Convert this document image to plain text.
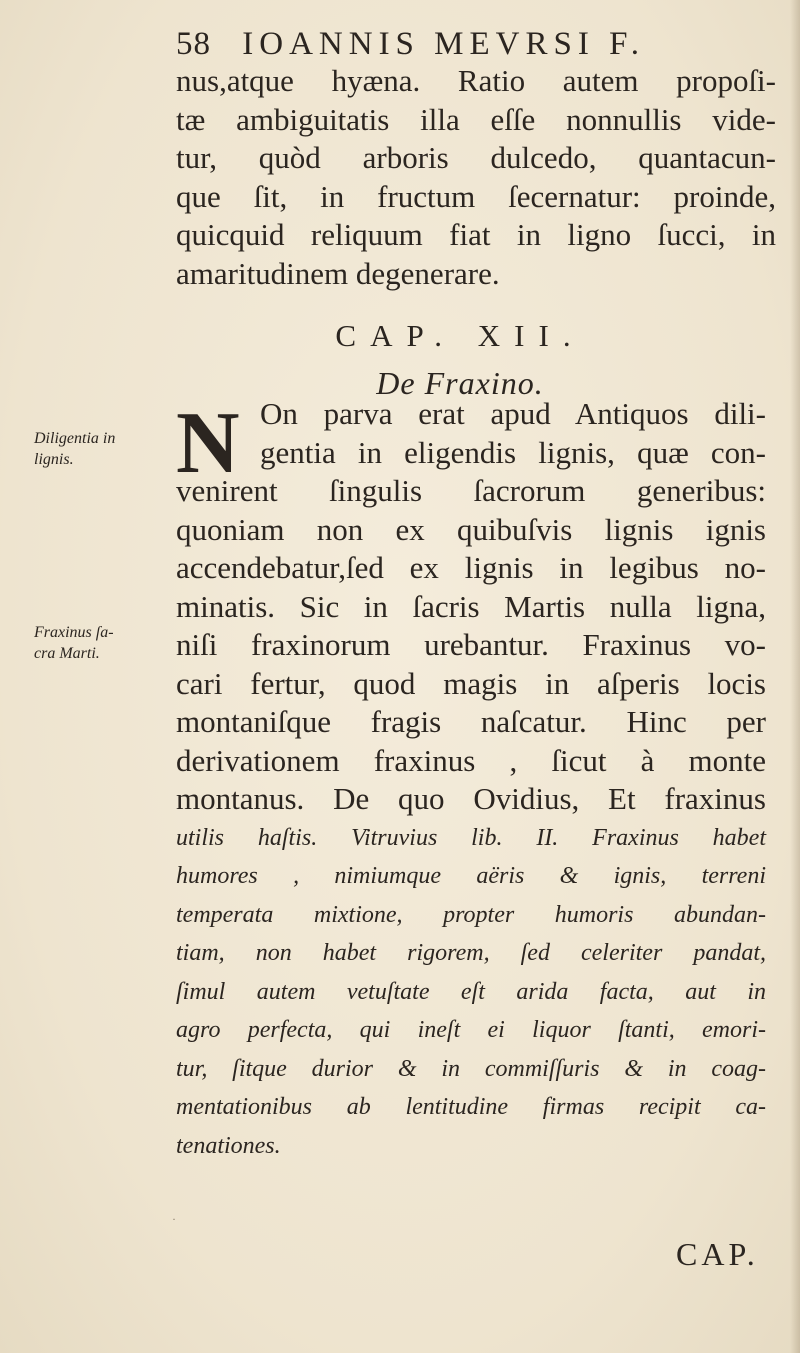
58 IOANNIS MEVRSI F.
nus,atque hyæna. Ratio autem propoſi-
tæ ambiguitatis illa eſſe nonnullis vide-
tur, quòd arboris dulcedo, quantacun-
que ſit, in fructum ſecernatur: proinde,
quicquid reliquum fiat in ligno ſucci, in
amaritudinem degenerare.
CAP. XII.
De Fraxino.
N On parva erat apud Antiquos dili-
gentia in eligendis lignis, quæ con-
venirent ſingulis ſacrorum generibus:
quoniam non ex quibuſvis lignis ignis
accendebatur,ſed ex lignis in legibus no-
minatis. Sic in ſacris Martis nulla ligna,
niſi fraxinorum urebantur. Fraxinus vo-
cari fertur, quod magis in aſperis locis
montaniſque fragis naſcatur. Hinc per
derivationem fraxinus , ſicut à monte
montanus. De quo Ovidius, Et fraxinus
utilis haſtis. Vitruvius lib. II. Fraxinus habet
humores , nimiumque aëris & ignis, terreni
temperata mixtione, propter humoris abundan-
tiam, non habet rigorem, ſed celeriter pandat,
ſimul autem vetuſtate eſt arida facta, aut in
agro perfecta, qui ineſt ei liquor ſtanti, emori-
tur, ſitque durior & in commiſſuris & in coag-
mentationibus ab lentitudine firmas recipit ca-
tenationes.
Diligentia in
lignis.
Fraxinus ſa-
cra Marti.
·
CAP.
